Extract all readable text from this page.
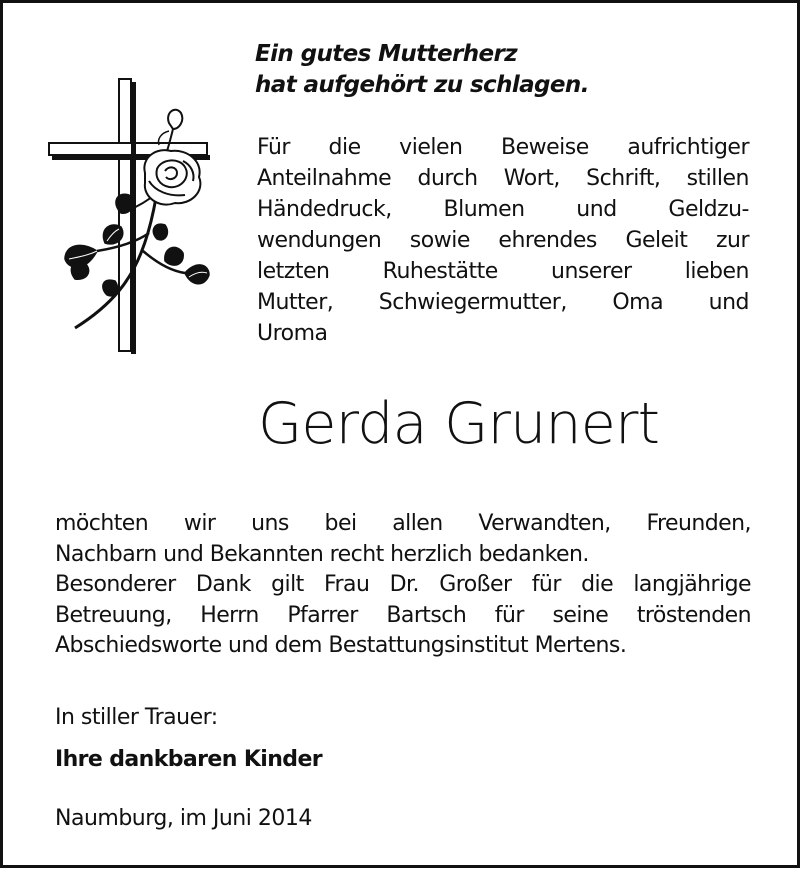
Ein gutes Mutterherz
hat aufgehört zu schlagen.
Für die vielen Beweise aufrichtiger
Anteilnahme durch Wort, Schrift, stillen
Händedruck, Blumen und Geldzu-
wendungen sowie ehrendes Geleit zur
letzten Ruhestätte unserer lieben
Mutter, Schwiegermutter, Oma und
Uroma
Gerda Grunert
möchten wir uns bei allen Verwandten, Freunden,
Nachbarn und Bekannten recht herzlich bedanken.
Besonderer Dank gilt Frau Dr. Großer für die langjährige
Betreuung, Herrn Pfarrer Bartsch für seine tröstenden
Abschiedsworte und dem Bestattungsinstitut Mertens.
In stiller Trauer:
Ihre dankbaren Kinder
Naumburg, im Juni 2014
